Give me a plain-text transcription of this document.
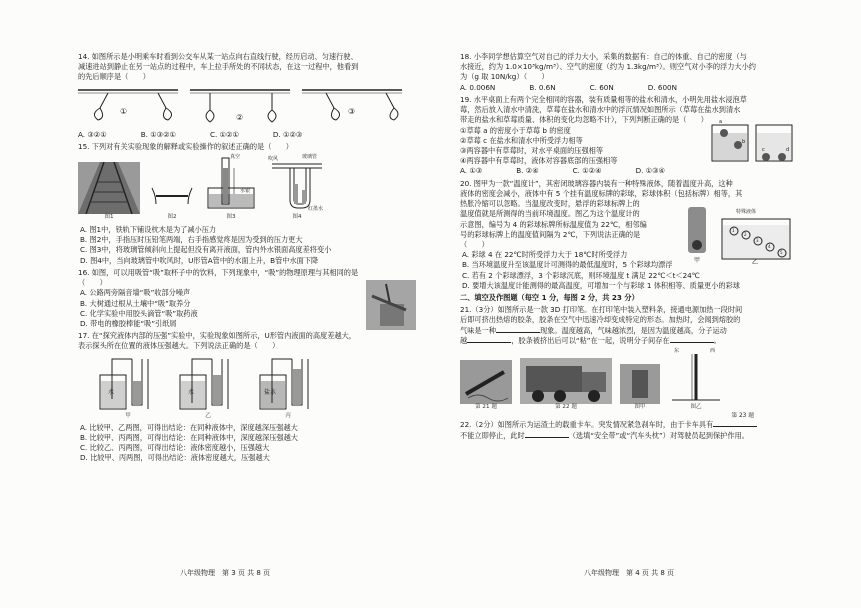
14. 如图所示是小明乘车时看到公交车从某一站点向右直线行驶，经历启动、匀速行驶、
减速进站到静止在另一站点的过程中，车上拉手所处的不同状态，在这一过程中，他看到
的先后顺序是（　　）
①
②
③
A. ③②①	B. ①③②①	C. ①②①	D. ①②③
15. 下列对有关实验现象的解释或实验操作的叙述正确的是（　　）
图1	图2
真空
水银
图3
吹风	玻璃管
红墨水
图4
A. 图1中，铁轨下铺设枕木是为了减小压力
B. 图2中，手指压时压铅笔两端，右手指感觉疼是因为受到的压力更大
C. 图3中，将玻璃管倾斜向上提起但没有离开液面，管内外水银面高度差将变小
D. 图4中，当向玻璃管中吹风时，U形管A管中的水面上升，B管中水面下降
16. 如图，可以用吸管“吸”取杯子中的饮料，下列现象中，“吸”的物理原理与其相同的是
（　　）
A. 公路两旁隔音墙“吸”收部分噪声
B. 大树通过根从土壤中“吸”取养分
C. 化学实验中用胶头滴管“吸”取药液
D. 带电的橡胶棒能“吸”引纸屑
17. 在“探究液体内部的压强”实验中，实验现象如图所示，U形管内液面的高度差越大，
表示探头所在位置的液体压强越大。下列说法正确的是（　　）
水
甲
水
乙
盐水
丙
A. 比较甲、乙两图，可得出结论：在同种液体中，深度越深压强越大
B. 比较甲、丙两图，可得出结论：在同种液体中，深度越深压强越大
C. 比较乙、丙两图，可得出结论：液体密度越小，压强越大
D. 比较甲、丙两图，可得出结论：液体密度越大，压强越大
八年级物理　第 3 页 共 8 页
18. 小李同学想估算空气对自己的浮力大小，采集的数据有：自己的体重、自己的密度（与
水接近，约为 1.0×10³kg/m³）、空气的密度（约为 1.3kg/m³）。则空气对小李的浮力大小约
为（g 取 10N/kg）（　　）
A. 0.006N	B. 0.6N	C. 60N	D. 600N
19. 水平桌面上有两个完全相同的容器，装有质量相等的盐水和清水，小明先用盐水浸泡草
莓，然后放入清水中清洗，草莓在盐水和清水中的浮沉情况如图所示（草莓在盐水到清水
带走的盐水和草莓质量、体积的变化均忽略不计），下列判断正确的是（　　）
①草莓 a 的密度小于草莓 b 的密度
②草莓 c 在盐水和清水中所受浮力相等
③两容器中有草莓时，对水平桌面的压强相等
④两容器中有草莓时，液体对容器底部的压强相等
A. ①③	B. ②④	C. ①②④	D. ①③④
a
b
c	d
20. 图甲为一款“温度计”，其密闭玻璃容器内装有一种特殊液体，随着温度升高，这种
液体的密度会减小，液体中有 5 个挂有温度标牌的彩球，彩球体积（包括标牌）相等，其
热胀冷缩可以忽略。当温度改变时，悬浮的彩球标牌上的
温度值就是所测得的当前环境温度。图乙为这个温度计的
示意图，编号为 4 的彩球标牌所标温度值为 22℃，相邻编
号的彩球标牌上的温度值间隔为 2℃，下列说法正确的是
（　　）
A. 彩球 4 在 22℃时所受浮力大于 18℃时所受浮力
B. 当环境温度升至该温度计可测得的最低温度时，5 个彩球均漂浮
C. 若有 2 个彩球漂浮，3 个彩球沉底，则环境温度 t 满足 22℃＜t＜24℃
D. 要增大该温度计能测得的最高温度，可增加一个与彩球 1 体积相等、质量更小的彩球
特殊液体
1
2
3
4
5
甲	乙
二、填空及作图题（每空 1 分，每图 2 分，共 23 分）
21.（3分）如图所示是一款 3D 打印笔。在打印笔中装入塑料条，接通电源加热一段时间
后即可挤出热熔的胶条，胶条在空气中迅速冷却变成特定的形态。加热时，会闻到熔胶的
气味是一种	现象。温度越高，气味越浓烈，是因为温度越高，分子运动
越	，胶条被挤出后可以“粘”在一起，说明分子间存在	。
第 21 题	第 22 题	图甲
东	西
图乙
第 23 题
22.（2分）如图所示为运渣土的载重卡车。突发情况紧急刹车时，由于卡车具有
不能立即停止，此时	（选填“安全带”或“汽车头枕”）对驾驶员起到保护作用。
八年级物理　第 4 页 共 8 页
